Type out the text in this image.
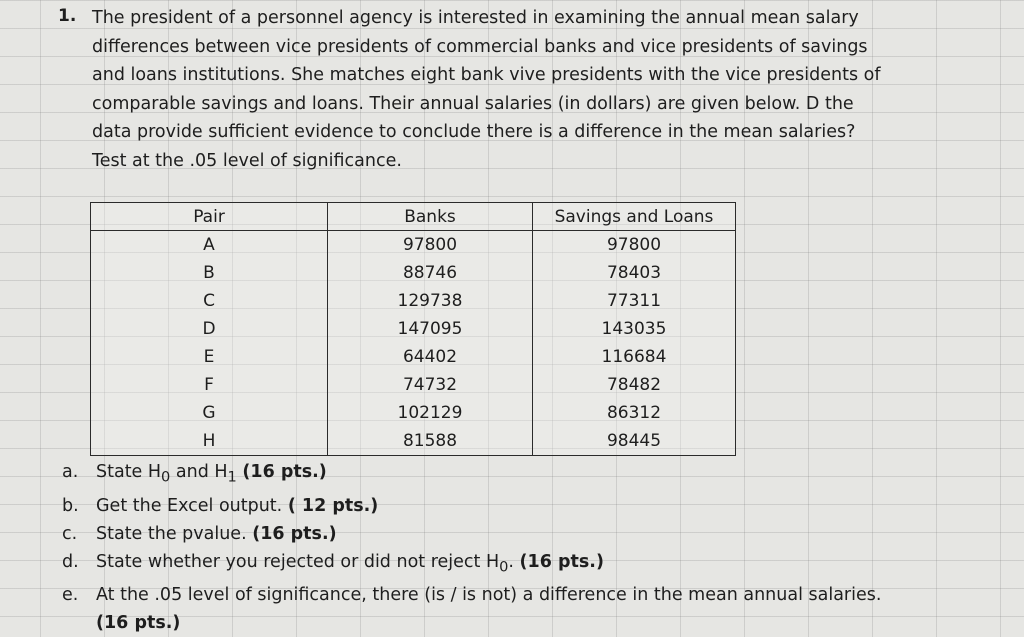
1. The president of a personnel agency is interested in examining the annual mean salary
differences between vice presidents of commercial banks and vice presidents of savings
and loans institutions. She matches eight bank vive presidents with the vice presidents of
comparable savings and loans. Their annual salaries (in dollars) are given below. D the
data provide sufficient evidence to conclude there is a difference in the mean salaries?
Test at the .05 level of significance.
Pair	Banks	Savings and Loans
A	97800	97800
B	88746	78403
C	129738	77311
D	147095	143035
E	64402	116684
F	74732	78482
G	102129	86312
H	81588	98445
a.	State $H_0$ and $H_1$ (16 pts.)
b. Get the Excel output. ( 12 pts.)
c.	State the pvalue. (16 pts.)
d. State whether you rejected or did not reject $H_0$. (16 pts.)
e.	At the .05 level of significance, there (is / is not) a difference in the mean annual salaries.
(16 pts.)
